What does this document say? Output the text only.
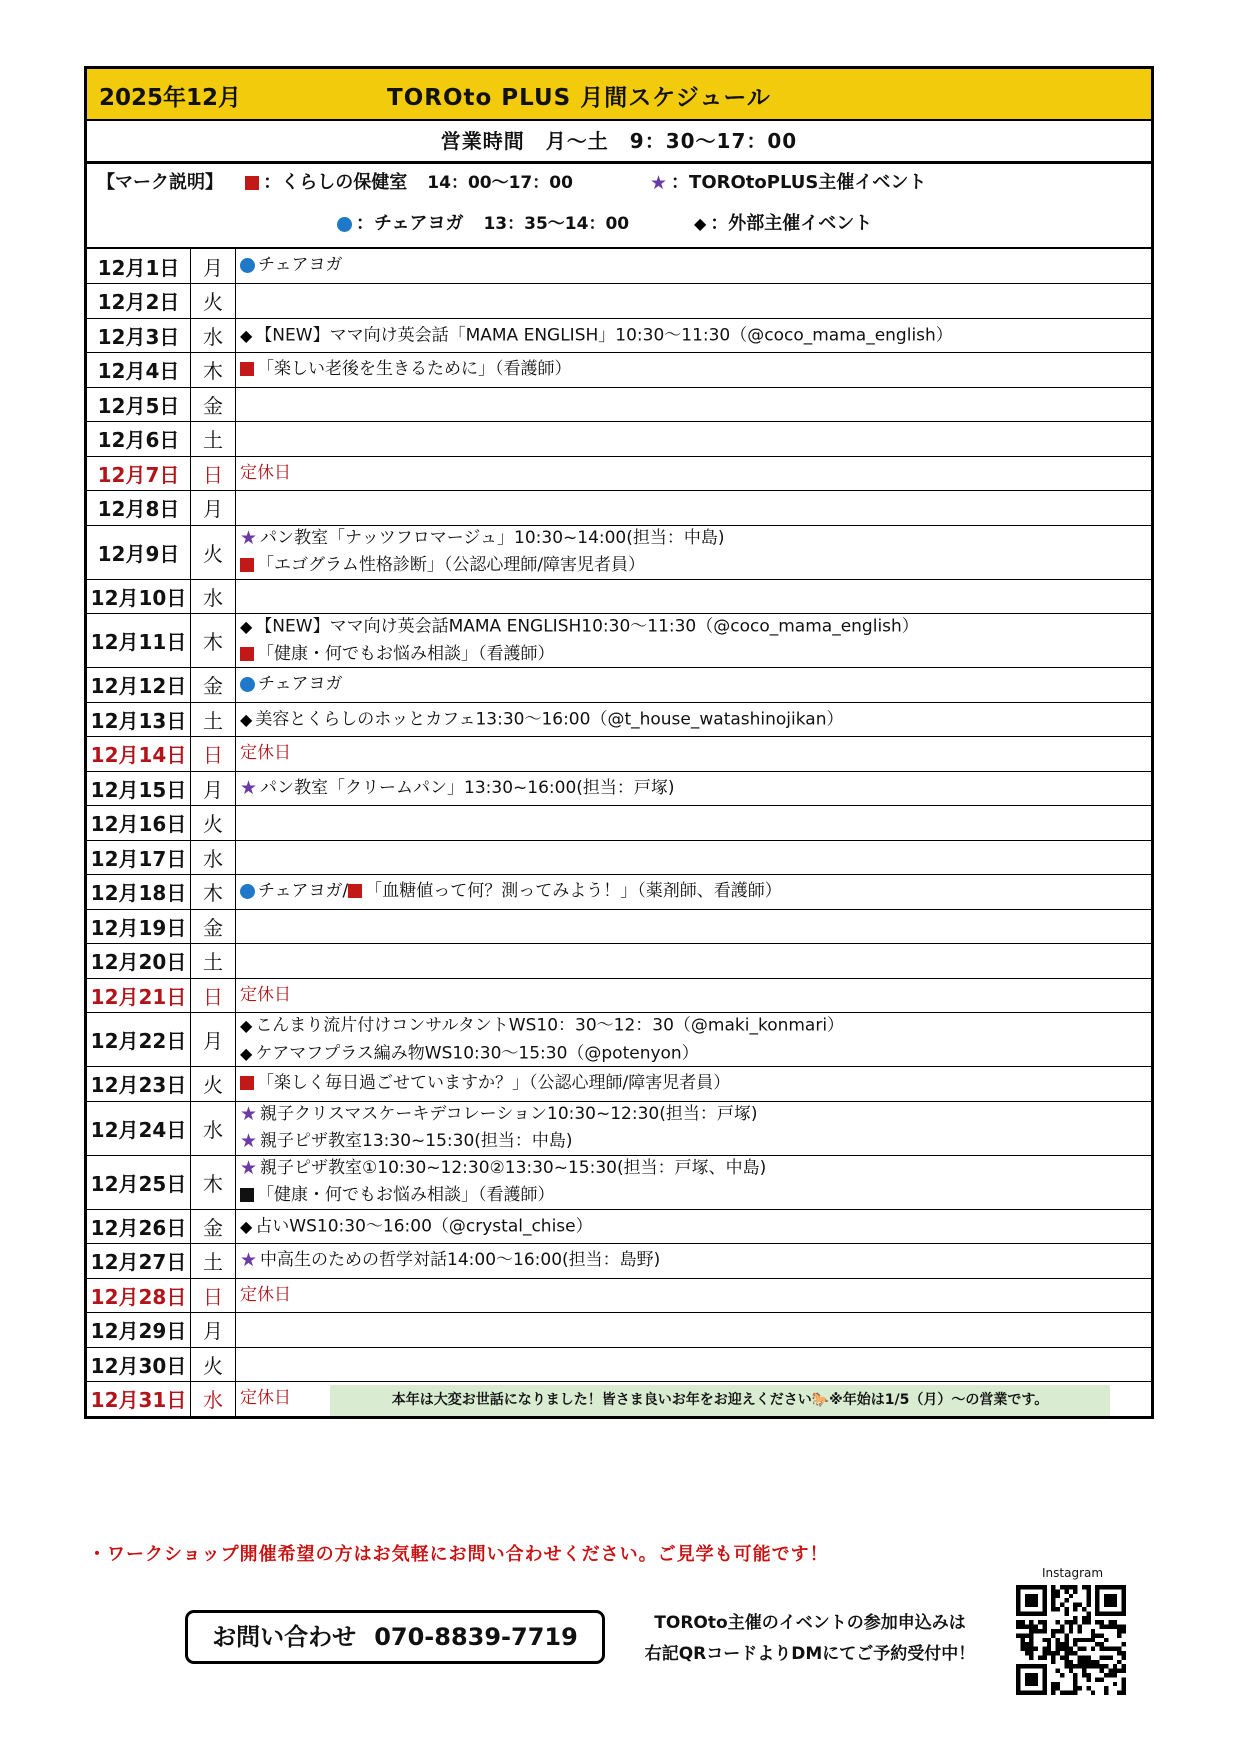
2025年12月	TOROto PLUS 月間スケジュール
営業時間　月～土　9：30～17：00
【マーク説明】 ：くらしの保健室 14：00～17：00	★ ：TOROtoPLUS主催イベント
：チェアヨガ 13：35～14：00	◆ ：外部主催イベント
12月1日	月	チェアヨガ
12月2日	火
12月3日	水	◆ 【NEW】ママ向け英会話「MAMA ENGLISH」10:30～11:30（@coco_mama_english）
12月4日	木	「楽しい老後を生きるために」（看護師）
12月5日	金
12月6日	土
12月7日	日	定休日
12月8日	月
12月9日	火
★ パン教室「ナッツフロマージュ」10:30~14:00(担当：中島)
「エゴグラム性格診断」（公認心理師/障害児者員）
12月10日 水
12月11日 木
◆ 【NEW】ママ向け英会話MAMA ENGLISH10:30～11:30（@coco_mama_english）
「健康・何でもお悩み相談」（看護師）
12月12日 金	チェアヨガ
12月13日 土	◆ 美容とくらしのホッとカフェ13:30～16:00（@t_house_watashinojikan）
12月14日 日	定休日
12月15日 月 ★ パン教室「クリームパン」13:30~16:00(担当：戸塚)
12月16日 火
12月17日 水
12月18日 木	チェアヨガ/ 「血糖値って何？測ってみよう！」（薬剤師、看護師）
12月19日 金
12月20日 土
12月21日 日	定休日
12月22日 月
◆ こんまり流片付けコンサルタントWS10：30～12：30（@maki_konmari）
◆ ケアマフプラス編み物WS10:30～15:30（@potenyon）
12月23日 火	「楽しく毎日過ごせていますか？」（公認心理師/障害児者員）
12月24日 水
★ 親子クリスマスケーキデコレーション10:30~12:30(担当：戸塚)
★ 親子ピザ教室13:30~15:30(担当：中島)
12月25日 木
★ 親子ピザ教室①10:30~12:30②13:30~15:30(担当：戸塚、中島)
「健康・何でもお悩み相談」（看護師）
12月26日 金	◆ 占いWS10:30～16:00（@crystal_chise）
12月27日 土 ★ 中高生のための哲学対話14:00～16:00(担当：島野)
12月28日 日	定休日
12月29日 月
12月30日 火
12月31日 水	定休日	本年は大変お世話になりました！皆さま良いお年をお迎えください🐎※年始は1/5（月）～の営業です。
・ワークショップ開催希望の方はお気軽にお問い合わせください。ご見学も可能です！
お問い合わせ 070-8839-7719	TOROto主催のイベントの参加申込みは
右記QRコードよりDMにてご予約受付中！
Instagram
